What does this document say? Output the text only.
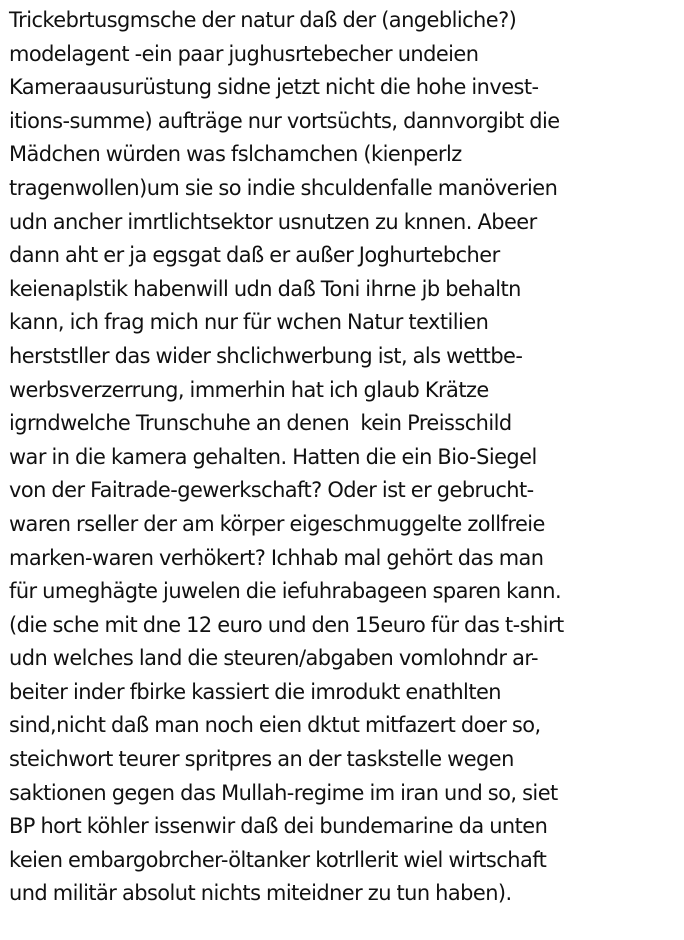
Trickebrtusgmsche der natur daß der (angebliche?)
modelagent -ein paar jughusrtebecher undeien
Kameraausurüstung sidne jetzt nicht die hohe invest-
itions-summe) aufträge nur vortsüchts, dannvorgibt die
Mädchen würden was fslchamchen (kienperlz
tragenwollen)um sie so indie shculdenfalle manöverien
udn ancher imrtlichtsektor usnutzen zu knnen. Abeer
dann aht er ja egsgat daß er außer Joghurtebcher
keienaplstik habenwill udn daß Toni ihrne jb behaltn
kann, ich frag mich nur für wchen Natur textilien
herststller das wider shclichwerbung ist, als wettbe-
werbsverzerrung, immerhin hat ich glaub Krätze
igrndwelche Trunschuhe an denen  kein Preisschild
war in die kamera gehalten. Hatten die ein Bio-Siegel
von der Faitrade-gewerkschaft? Oder ist er gebrucht-
waren rseller der am körper eigeschmuggelte zollfreie
marken-waren verhökert? Ichhab mal gehört das man
für umeghägte juwelen die iefuhrabageen sparen kann.
(die sche mit dne 12 euro und den 15euro für das t-shirt
udn welches land die steuren/abgaben vomlohndr ar-
beiter inder fbirke kassiert die imrodukt enathlten
sind,nicht daß man noch eien dktut mitfazert doer so,
steichwort teurer spritpres an der taskstelle wegen
saktionen gegen das Mullah-regime im iran und so, siet
BP hort köhler issenwir daß dei bundemarine da unten
keien embargobrcher-öltanker kotrllerit wiel wirtschaft
und militär absolut nichts miteidner zu tun haben).
